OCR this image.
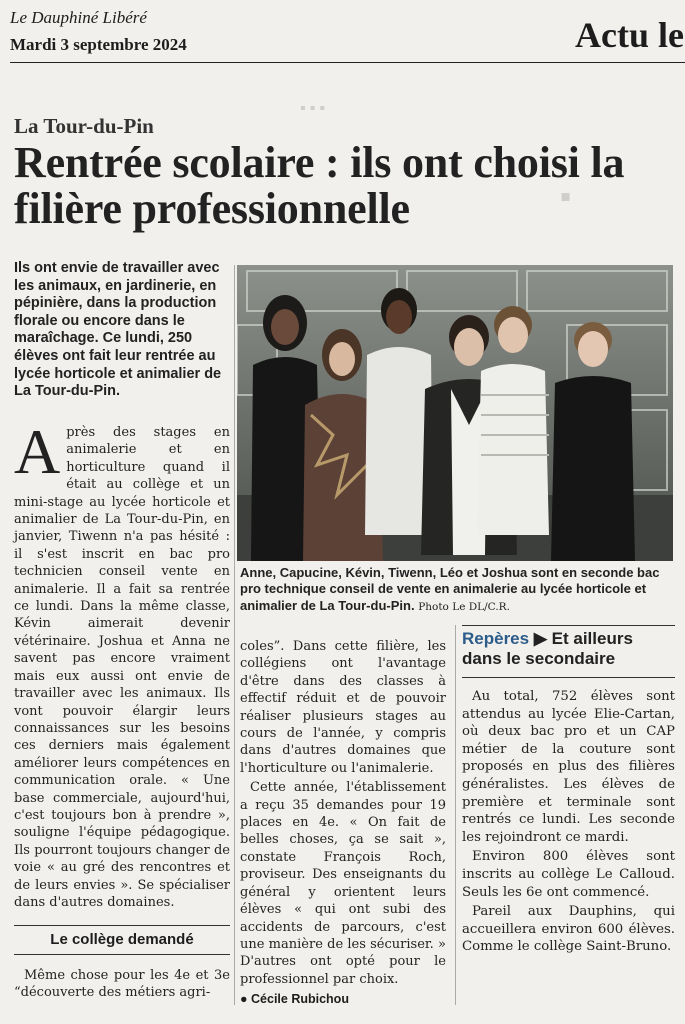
▪ ▪ ▪
▪
Le Dauphiné Libéré
Mardi 3 septembre 2024	Actu le
La Tour-du-Pin
Rentrée scolaire : ils ont choisi la filière professionnelle
Ils ont envie de travailler avec les animaux, en jardinerie, en pépinière, dans la production florale ou encore dans le maraîchage. Ce lundi, 250 élèves ont fait leur rentrée au lycée horticole et animalier de La Tour-du-Pin.
Anne, Capucine, Kévin, Tiwenn, Léo et Joshua sont en seconde bac pro technique conseil de vente en animalerie au lycée horticole et animalier de La Tour-du-Pin. Photo Le DL/C.R.

Après des stages en animalerie et en horticulture quand il était au collège et un mini-stage au lycée horticole et animalier de La Tour-du-Pin, en janvier, Tiwenn n'a pas hésité : il s'est inscrit en bac pro technicien conseil vente en animalerie. Il a fait sa rentrée ce lundi. Dans la même classe, Kévin aimerait devenir vétérinaire. Joshua et Anna ne savent pas encore vraiment mais eux aussi ont envie de travailler avec les animaux. Ils vont pouvoir élargir leurs connaissances sur les besoins ces derniers mais également améliorer leurs compétences en communication orale. « Une base commerciale, aujourd'hui, c'est toujours bon à prendre », souligne l'équipe pédagogique. Ils pourront toujours changer de voie « au gré des rencontres et de leurs envies ». Se spécialiser dans d'autres domaines.

Le collège demandé

Même chose pour les 4e et 3e “découverte des métiers agri-

coles”. Dans cette filière, les collégiens ont l'avantage d'être dans des classes à effectif réduit et de pouvoir réaliser plusieurs stages au cours de l'année, y compris dans d'autres domaines que l'horticulture ou l'animalerie.

Cette année, l'établissement a reçu 35 demandes pour 19 places en 4e. « On fait de belles choses, ça se sait », constate François Roch, proviseur. Des enseignants du général y orientent leurs élèves « qui ont subi des accidents de parcours, c'est une manière de les sécuriser. » D'autres ont opté pour le professionnel par choix.

● Cécile Rubichou
Repères ▶ Et ailleurs dans le secondaire

Au total, 752 élèves sont attendus au lycée Elie-Cartan, où deux bac pro et un CAP métier de la couture sont proposés en plus des filières généralistes. Les élèves de première et terminale sont rentrés ce lundi. Les seconde les rejoindront ce mardi.

Environ 800 élèves sont inscrits au collège Le Calloud. Seuls les 6e ont commencé.

Pareil aux Dauphins, qui accueillera environ 600 élèves. Comme le collège Saint-Bruno.
